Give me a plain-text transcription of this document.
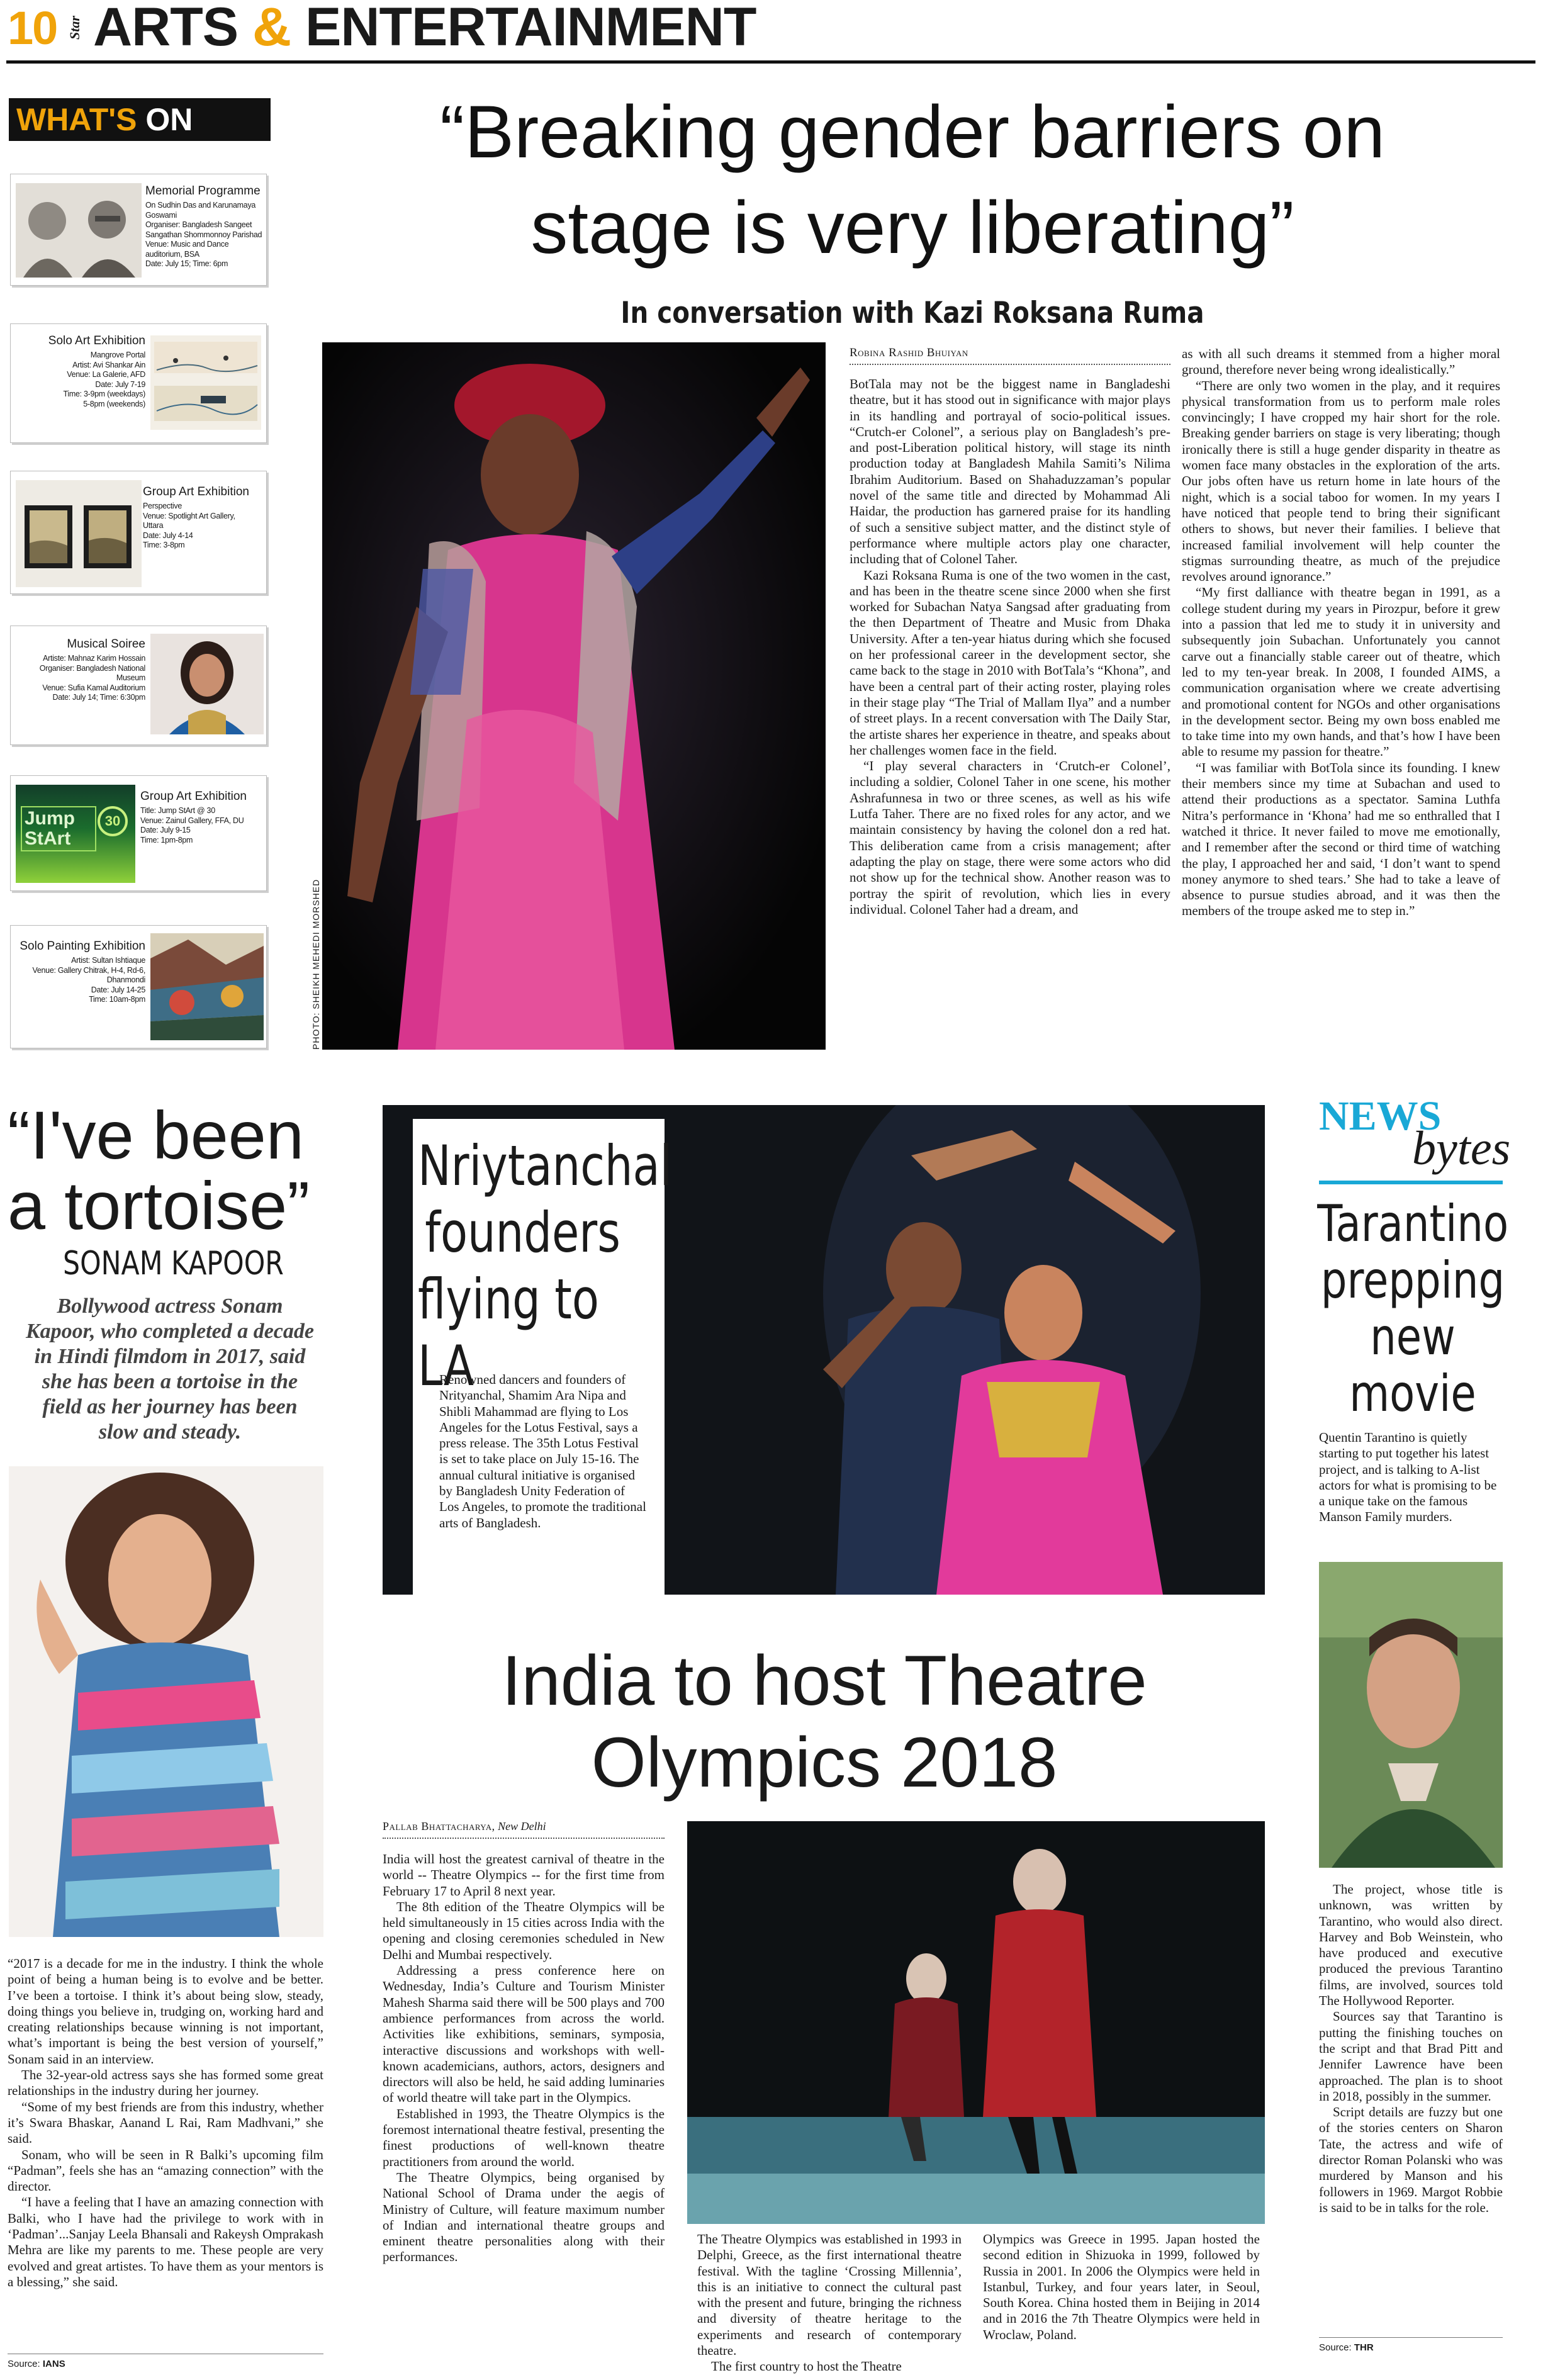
10 Star ARTS & ENTERTAINMENT
WHAT'S ON
Memorial Programme
On Sudhin Das and Karunamaya
Goswami
Organiser: Bangladesh Sangeet
Sangathan Shommonnoy Parishad
Venue: Music and Dance auditorium, BSA
Date: July 15; Time: 6pm
Solo Art Exhibition
Mangrove Portal
Artist: Avi Shankar Ain
Venue: La Galerie, AFD
Date: July 7-19
Time: 3-9pm (weekdays)
5-8pm (weekends)
Group Art Exhibition
Perspective
Venue: Spotlight Art Gallery,
Uttara
Date: July 4-14
Time: 3-8pm
Musical Soiree
Artiste: Mahnaz Karim Hossain
Organiser: Bangladesh National
Museum
Venue: Sufia Kamal Auditorium
Date: July 14; Time: 6:30pm
Jump StArt
30
Group Art Exhibition
Title: Jump StArt @ 30
Venue: Zainul Gallery, FFA, DU
Date: July 9-15
Time: 1pm-8pm
Solo Painting Exhibition
Artist: Sultan Ishtiaque
Venue: Gallery Chitrak, H-4, Rd-6,
Dhanmondi
Date: July 14-25
Time: 10am-8pm
“Breaking gender barriers on
stage is very liberating”
In conversation with Kazi Roksana Ruma
PHOTO: SHEIKH MEHEDI MORSHED
Robina Rashid Bhuiyan

BotTala may not be the biggest name in Bangladeshi theatre, but it has stood out in significance with major plays in its handling and portrayal of socio-political issues. “Crutch-er Colonel”, a serious play on Bangladesh’s pre- and post-Liberation political history, will stage its ninth production today at Bangladesh Mahila Samiti’s Nilima Ibrahim Auditorium. Based on Shahaduzzaman’s popular novel of the same title and directed by Mohammad Ali Haidar, the production has garnered praise for its handling of such a sensitive subject matter, and the distinct style of performance where multiple actors play one character, including that of Colonel Taher.

Kazi Roksana Ruma is one of the two women in the cast, and has been in the theatre scene since 2000 when she first worked for Subachan Natya Sangsad after graduating from the then Department of Theatre and Music from Dhaka University. After a ten-year hiatus during which she focused on her professional career in the development sector, she came back to the stage in 2010 with BotTala’s “Khona”, and have been a central part of their acting roster, playing roles in their stage play “The Trial of Mallam Ilya” and a number of street plays. In a recent conversation with The Daily Star, the artiste shares her experience in theatre, and speaks about her challenges women face in the field.

“I play several characters in ‘Crutch-er Colonel’, including a soldier, Colonel Taher in one scene, his mother Ashrafunnesa in two or three scenes, as well as his wife Lutfa Taher. There are no fixed roles for any actor, and we maintain consistency by having the colonel don a red hat. This deliberation came from a crisis management; after adapting the play on stage, there were some actors who did not show up for the technical show. Another reason was to portray the spirit of revolution, which lies in every individual. Colonel Taher had a dream, and

as with all such dreams it stemmed from a higher moral ground, therefore never being wrong idealistically.”

“There are only two women in the play, and it requires physical transformation from us to perform male roles convincingly; I have cropped my hair short for the role. Breaking gender barriers on stage is very liberating; though ironically there is still a huge gender disparity in theatre as women face many obstacles in the exploration of the arts. Our jobs often have us return home in late hours of the night, which is a social taboo for women. In my years I have noticed that people tend to bring their significant others to shows, but never their families. I believe that increased familial involvement will help counter the stigmas surrounding theatre, as much of the prejudice revolves around ignorance.”

“My first dalliance with theatre began in 1991, as a college student during my years in Pirozpur, before it grew into a passion that led me to study it in university and subsequently join Subachan. Unfortunately you cannot carve out a financially stable career out of theatre, which led to my ten-year break. In 2008, I founded AIMS, a communication organisation where we create advertising and promotional content for NGOs and other organisations in the development sector. Being my own boss enabled me to take time into my own hands, and that’s how I have been able to resume my passion for theatre.”

“I was familiar with BotTola since its founding. I knew their members since my time at Subachan and used to attend their productions as a spectator. Samina Luthfa Nitra’s performance in ‘Khona’ had me so enthralled that I watched it thrice. It never failed to move me emotionally, and I remember after the second or third time of watching the play, I approached her and said, ‘I don’t want to spend money anymore to shed tears.’ She had to take a leave of absence to pursue studies abroad, and it was then the members of the troupe asked me to step in.”

“I've been
a tortoise”
SONAM KAPOOR
Bollywood actress Sonam Kapoor, who completed a decade in Hindi filmdom in 2017, said she has been a tortoise in the field as her journey has been slow and steady.

“2017 is a decade for me in the industry. I think the whole point of being a human being is to evolve and be better. I’ve been a tortoise. I think it’s about being slow, steady, doing things you believe in, trudging on, working hard and creating relationships because winning is not important, what’s important is being the best version of yourself,” Sonam said in an interview.

The 32-year-old actress says she has formed some great relationships in the industry during her journey.

“Some of my best friends are from this industry, whether it’s Swara Bhaskar, Aanand L Rai, Ram Madhvani,” she said.

Sonam, who will be seen in R Balki’s upcoming film “Padman”, feels she has an “amazing connection” with the director.

“I have a feeling that I have an amazing connection with Balki, who I have had the privilege to work with in ‘Padman’...Sanjay Leela Bhansali and Rakeysh Omprakash Mehra are like my parents to me. These people are very evolved and great artistes. To have them as your mentors is a blessing,” she said.

Source: IANS
Nriytanchal
founders
flying to LA
Renowned dancers and founders of Nrityanchal, Shamim Ara Nipa and Shibli Mahammad are flying to Los Angeles for the Lotus Festival, says a press release. The 35th Lotus Festival is set to take place on July 15-16. The annual cultural initiative is organised by Bangladesh Unity Federation of Los Angeles, to promote the traditional arts of Bangladesh.
India to host Theatre
Olympics 2018
Pallab Bhattacharya, New Delhi

India will host the greatest carnival of theatre in the world -- Theatre Olympics -- for the first time from February 17 to April 8 next year.

The 8th edition of the Theatre Olympics will be held simultaneously in 15 cities across India with the opening and closing ceremonies scheduled in New Delhi and Mumbai respectively.

Addressing a press conference here on Wednesday, India’s Culture and Tourism Minister Mahesh Sharma said there will be 500 plays and 700 ambience performances from across the world. Activities like exhibitions, seminars, symposia, interactive discussions and workshops with well-known academicians, authors, actors, designers and directors will also be held, he said adding luminaries of world theatre will take part in the Olympics.

Established in 1993, the Theatre Olympics is the foremost international theatre festival, presenting the finest productions of well-known theatre practitioners from around the world.

The Theatre Olympics, being organised by National School of Drama under the aegis of Ministry of Culture, will feature maximum number of Indian and international theatre groups and eminent theatre personalities along with their performances.

The Theatre Olympics was established in 1993 in Delphi, Greece, as the first international theatre festival. With the tagline ‘Crossing Millennia’, this is an initiative to connect the cultural past with the present and future, bringing the richness and diversity of theatre heritage to the experiments and research of contemporary theatre.

The first country to host the Theatre

Olympics was Greece in 1995. Japan hosted the second edition in Shizuoka in 1999, followed by Russia in 2001. In 2006 the Olympics were held in Istanbul, Turkey, and four years later, in Seoul, South Korea. China hosted them in Beijing in 2014 and in 2016 the 7th Theatre Olympics were held in Wroclaw, Poland.

NEWS
bytes
Tarantino
prepping
new
movie
Quentin Tarantino is quietly starting to put together his latest project, and is talking to A-list actors for what is promising to be a unique take on the famous Manson Family murders.

The project, whose title is unknown, was written by Tarantino, who would also direct. Harvey and Bob Weinstein, who have produced and executive produced the previous Tarantino films, are involved, sources told The Hollywood Reporter.

Sources say that Tarantino is putting the finishing touches on the script and that Brad Pitt and Jennifer Lawrence have been approached. The plan is to shoot in 2018, possibly in the summer.

Script details are fuzzy but one of the stories centers on Sharon Tate, the actress and wife of director Roman Polanski who was murdered by Manson and his followers in 1969. Margot Robbie is said to be in talks for the role.

Source: THR
